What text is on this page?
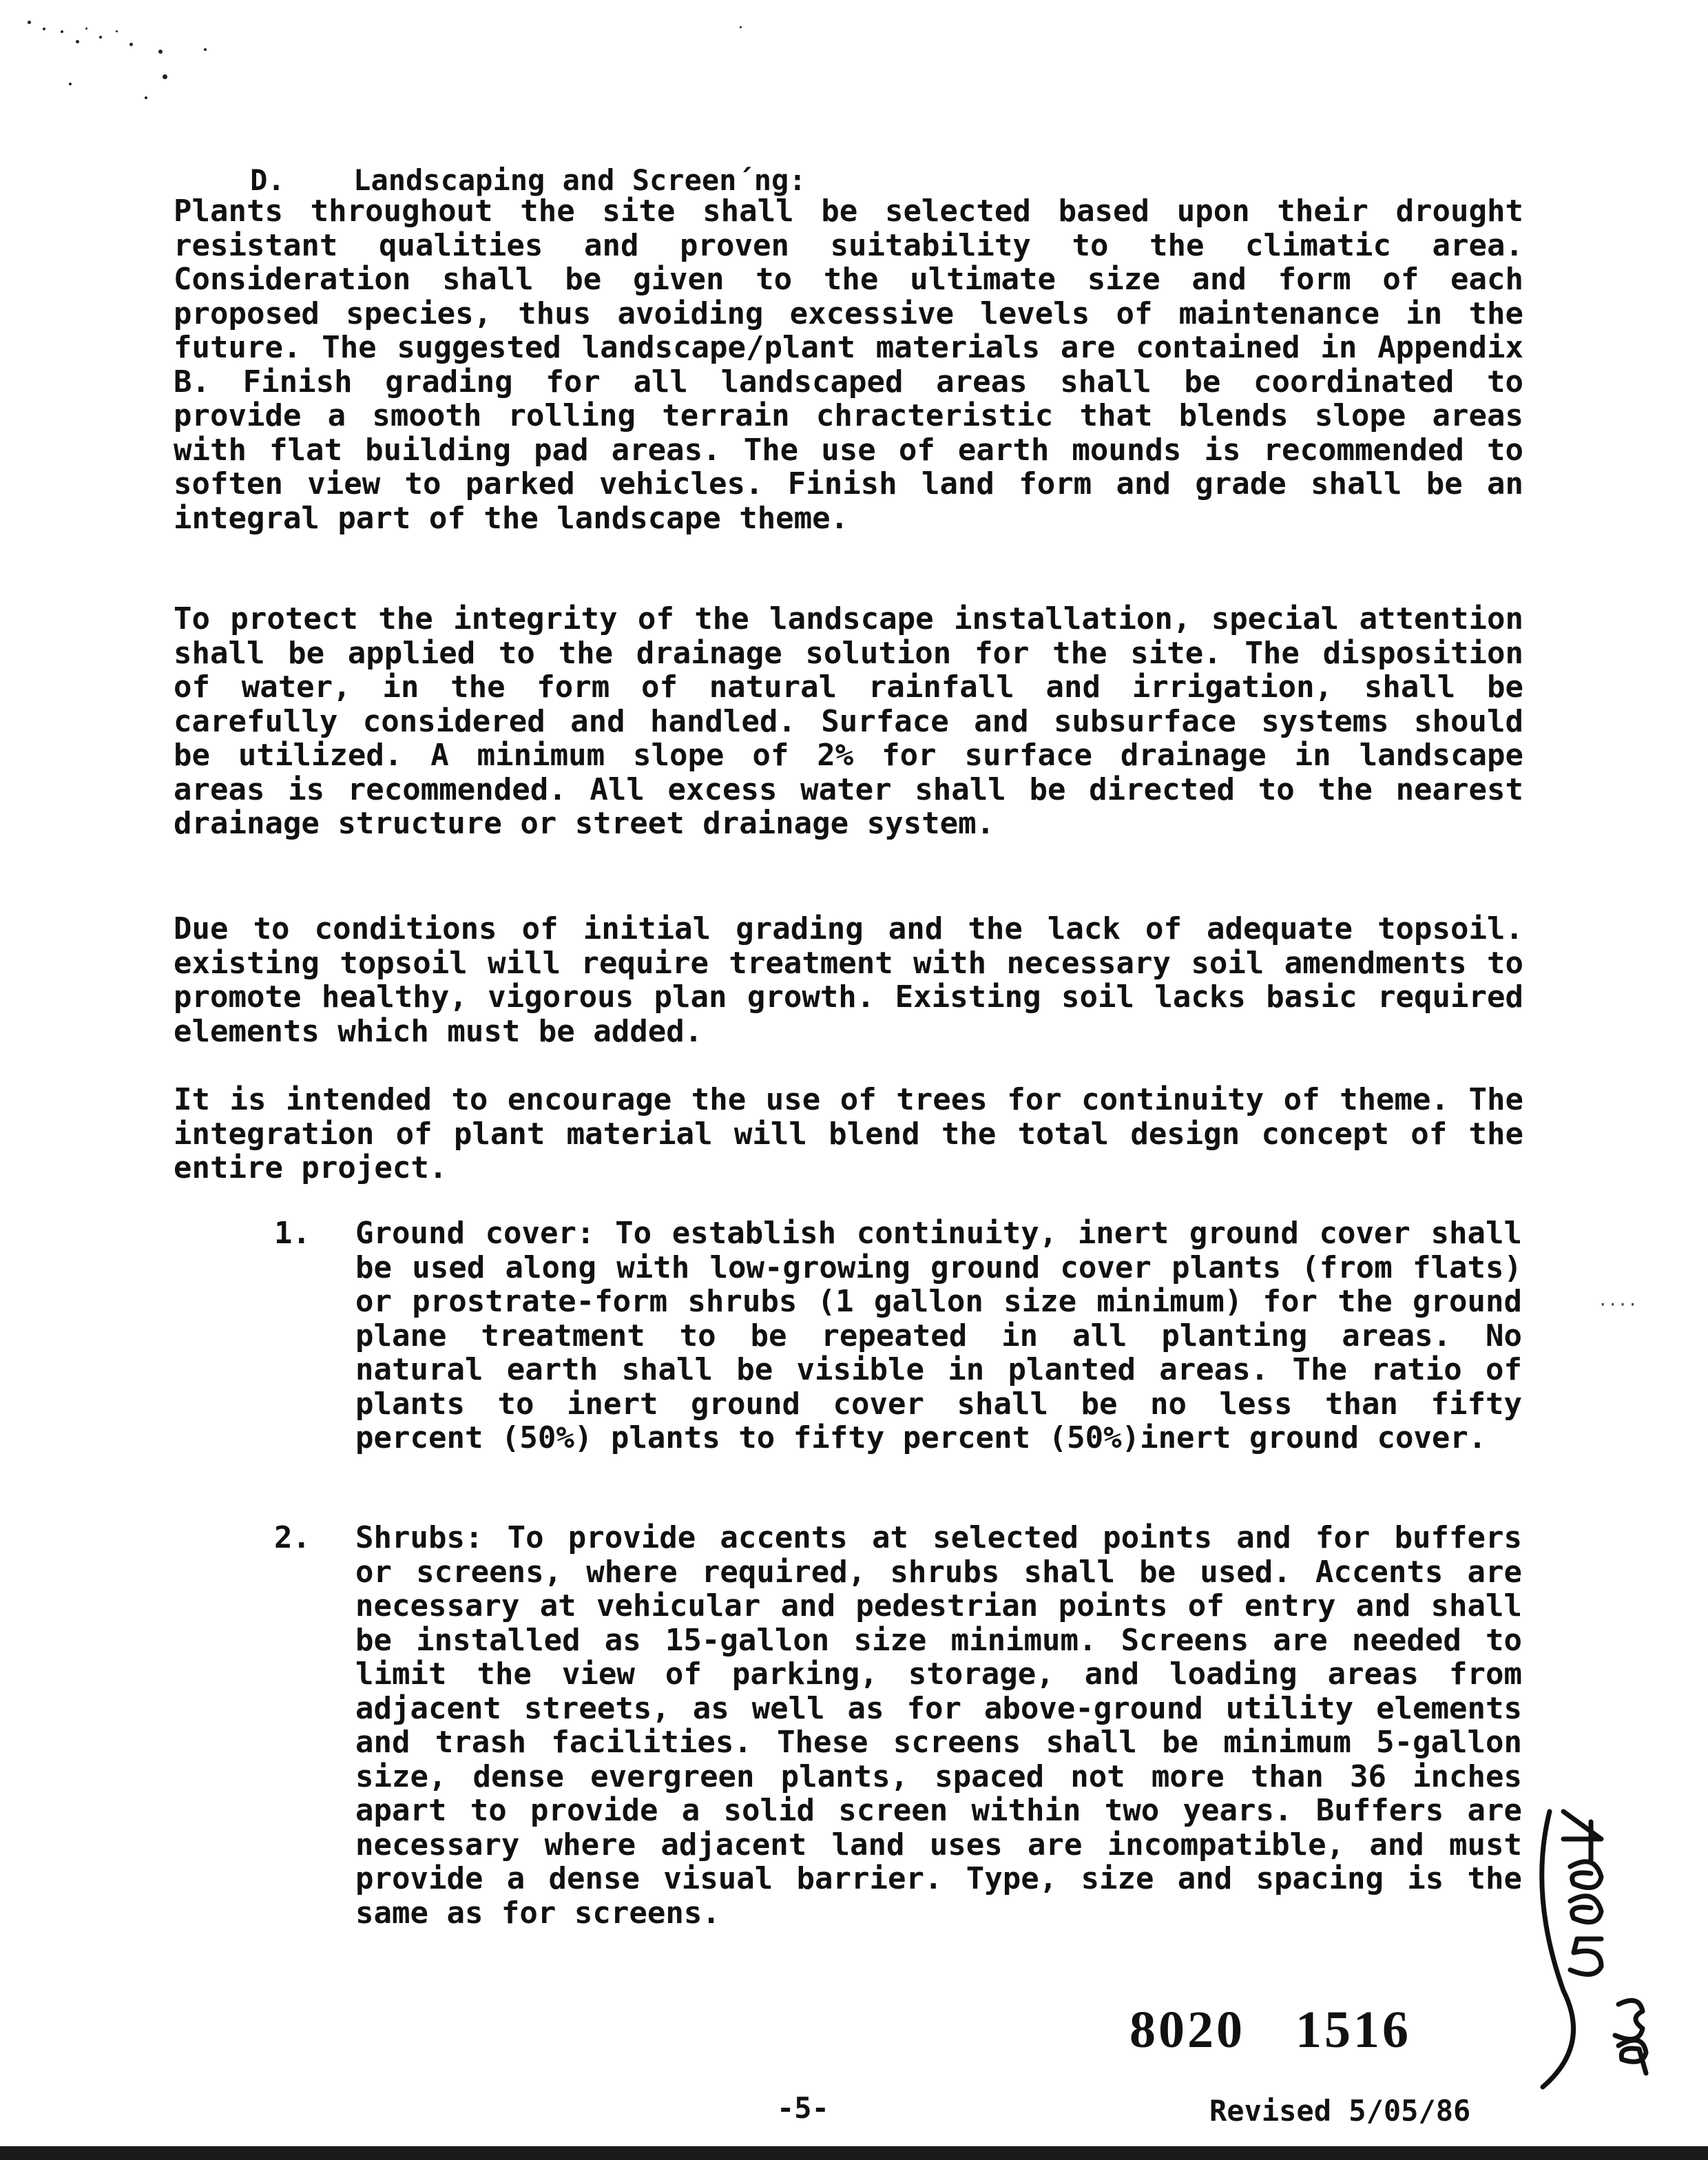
D. Landscaping and Screen´ng:

Plants throughout the site shall be selected based upon their drought resistant qualities and proven suitability to the climatic area. Consideration shall be given to the ultimate size and form of each proposed species, thus avoiding excessive levels of maintenance in the future. The suggested landscape/plant materials are contained in Appendix B. Finish grading for all landscaped areas shall be coordinated to provide a smooth rolling terrain chracteristic that blends slope areas with flat building pad areas. The use of earth mounds is recommended to soften view to parked vehicles. Finish land form and grade shall be an integral part of the landscape theme.

To protect the integrity of the landscape installation, special attention shall be applied to the drainage solution for the site. The disposition of water, in the form of natural rainfall and irrigation, shall be carefully considered and handled. Surface and subsurface systems should be utilized. A minimum slope of 2% for surface drainage in landscape areas is recommended. All excess water shall be directed to the nearest drainage structure or street drainage system.

Due to conditions of initial grading and the lack of adequate topsoil. existing topsoil will require treatment with necessary soil amendments to promote healthy, vigorous plan growth. Existing soil lacks basic required elements which must be added.

It is intended to encourage the use of trees for continuity of theme. The integration of plant material will blend the total design concept of the entire project.

1. Ground cover: To establish continuity, inert ground cover shall be used along with low-growing ground cover plants (from flats) or prostrate-form shrubs (1 gallon size minimum) for the ground plane treatment to be repeated in all planting areas. No natural earth shall be visible in planted areas. The ratio of plants to inert ground cover shall be no less than fifty percent (50%) plants to fifty percent (50%)inert ground cover.

2. Shrubs: To provide accents at selected points and for buffers or screens, where required, shrubs shall be used. Accents are necessary at vehicular and pedestrian points of entry and shall be installed as 15-gallon size minimum. Screens are needed to limit the view of parking, storage, and loading areas from adjacent streets, as well as for above-ground utility elements and trash facilities. These screens shall be minimum 5-gallon size, dense evergreen plants, spaced not more than 36 inches apart to provide a solid screen within two years. Buffers are necessary where adjacent land uses are incompatible, and must provide a dense visual barrier. Type, size and spacing is the same as for screens.

····
8020 1516
-5-	Revised 5/05/86
